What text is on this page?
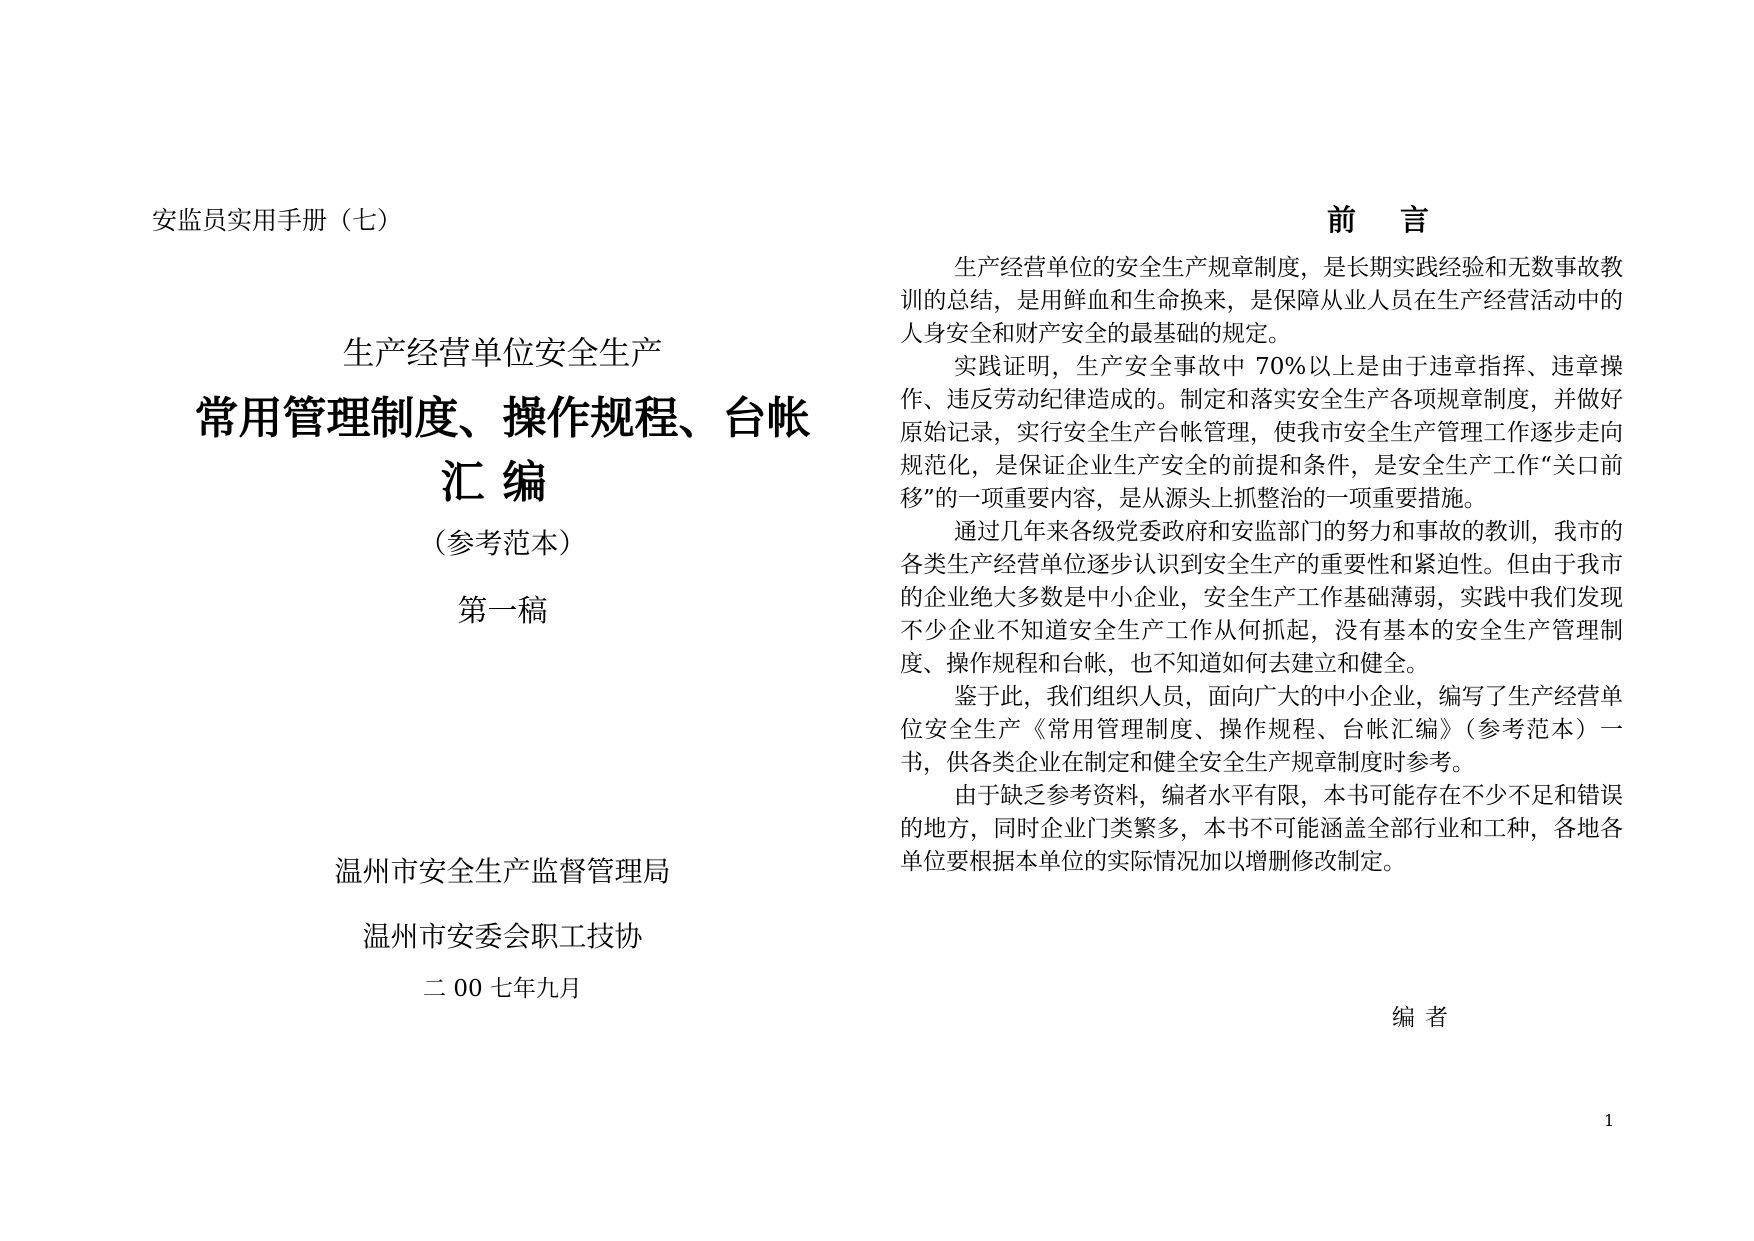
安监员实用手册（七）
生产经营单位安全生产
常用管理制度、操作规程、台帐
汇编
（参考范本）
第一稿
温州市安全生产监督管理局
温州市安委会职工技协
二 00 七年九月
前言

生产经营单位的安全生产规章制度，是长期实践经验和无数事故教训的总结，是用鲜血和生命换来，是保障从业人员在生产经营活动中的人身安全和财产安全的最基础的规定。

实践证明，生产安全事故中 70%以上是由于违章指挥、违章操作、违反劳动纪律造成的。制定和落实安全生产各项规章制度，并做好原始记录，实行安全生产台帐管理，使我市安全生产管理工作逐步走向规范化，是保证企业生产安全的前提和条件，是安全生产工作“关口前移”的一项重要内容，是从源头上抓整治的一项重要措施。

通过几年来各级党委政府和安监部门的努力和事故的教训，我市的各类生产经营单位逐步认识到安全生产的重要性和紧迫性。但由于我市的企业绝大多数是中小企业，安全生产工作基础薄弱，实践中我们发现不少企业不知道安全生产工作从何抓起，没有基本的安全生产管理制度、操作规程和台帐，也不知道如何去建立和健全。

鉴于此，我们组织人员，面向广大的中小企业，编写了生产经营单位安全生产《常用管理制度、操作规程、台帐汇编》（参考范本）一书，供各类企业在制定和健全安全生产规章制度时参考。

由于缺乏参考资料，编者水平有限，本书可能存在不少不足和错误的地方，同时企业门类繁多，本书不可能涵盖全部行业和工种，各地各单位要根据本单位的实际情况加以增删修改制定。

编者
1
